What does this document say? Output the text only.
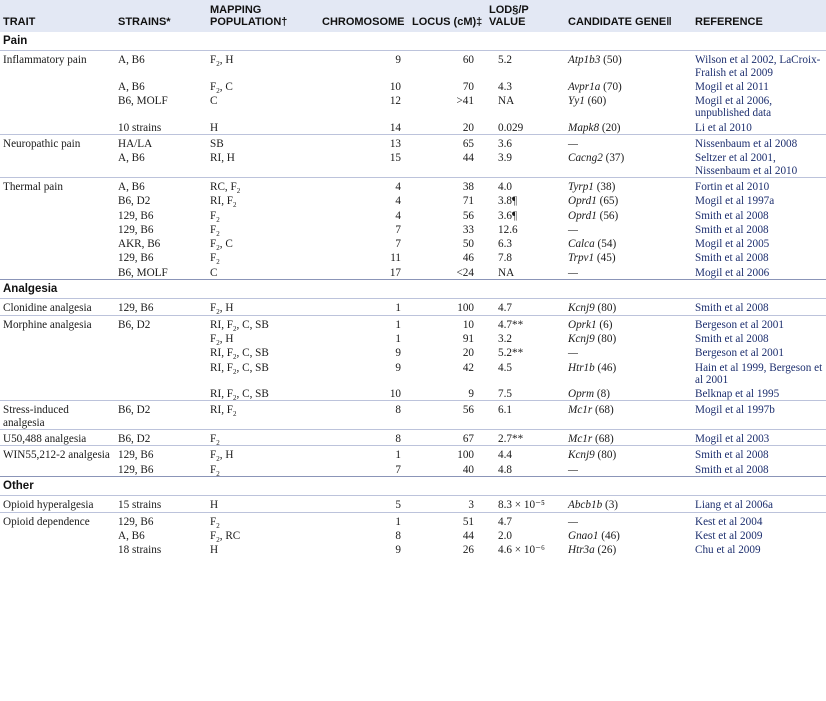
TRAIT	STRAINS*	MAPPING POPULATION†	CHROMOSOME	LOCUS (cM)‡	LOD§/P VALUE	CANDIDATE GENE‖	REFERENCE
Pain							
Inflammatory pain	A, B6	$F_2$, H	9	60	5.2	Atp1b3 (50)	Wilson et al 2002, LaCroix-Fralish et al 2009
	A, B6	$F_2$, C	10	70	4.3	Avpr1a (70)	Mogil et al 2011
	B6, MOLF	C	12	>41	NA	Yy1 (60)	Mogil et al 2006, unpublished data
	10 strains	H	14	20	0.029	Mapk8 (20)	Li et al 2010
Neuropathic pain	HA/LA	SB	13	65	3.6	—	Nissenbaum et al 2008
	A, B6	RI, H	15	44	3.9	Cacng2 (37)	Seltzer et al 2001, Nissenbaum et al 2010
Thermal pain	A, B6	RC, $F_2$	4	38	4.0	Tyrp1 (38)	Fortin et al 2010
	B6, D2	RI, $F_2$	4	71	3.8¶	Oprd1 (65)	Mogil et al 1997a
	129, B6	$F_2$	4	56	3.6¶	Oprd1 (56)	Smith et al 2008
	129, B6	$F_2$	7	33	12.6	—	Smith et al 2008
	AKR, B6	$F_2$, C	7	50	6.3	Calca (54)	Mogil et al 2005
	129, B6	$F_2$	11	46	7.8	Trpv1 (45)	Smith et al 2008
	B6, MOLF	C	17	<24	NA	—	Mogil et al 2006
Analgesia							
Clonidine analgesia	129, B6	$F_2$, H	1	100	4.7	Kcnj9 (80)	Smith et al 2008
Morphine analgesia	B6, D2	RI, $F_2$, C, SB	1	10	4.7**	Oprk1 (6)	Bergeson et al 2001
		$F_2$, H	1	91	3.2	Kcnj9 (80)	Smith et al 2008
		RI, $F_2$, C, SB	9	20	5.2**	—	Bergeson et al 2001
		RI, $F_2$, C, SB	9	42	4.5	Htr1b (46)	Hain et al 1999, Bergeson et al 2001
		RI, $F_2$, C, SB	10	9	7.5	Oprm (8)	Belknap et al 1995
Stress-induced analgesia	B6, D2	RI, $F_2$	8	56	6.1	Mc1r (68)	Mogil et al 1997b
U50,488 analgesia	B6, D2	$F_2$	8	67	2.7**	Mc1r (68)	Mogil et al 2003
WIN55,212-2 analgesia	129, B6	$F_2$, H	1	100	4.4	Kcnj9 (80)	Smith et al 2008
	129, B6	$F_2$	7	40	4.8	—	Smith et al 2008
Other							
Opioid hyperalgesia	15 strains	H	5	3	8.3 × 10⁻⁵	Abcb1b (3)	Liang et al 2006a
Opioid dependence	129, B6	$F_2$	1	51	4.7	—	Kest et al 2004
	A, B6	$F_2$, RC	8	44	2.0	Gnao1 (46)	Kest et al 2009
	18 strains	H	9	26	4.6 × 10⁻⁶	Htr3a (26)	Chu et al 2009
